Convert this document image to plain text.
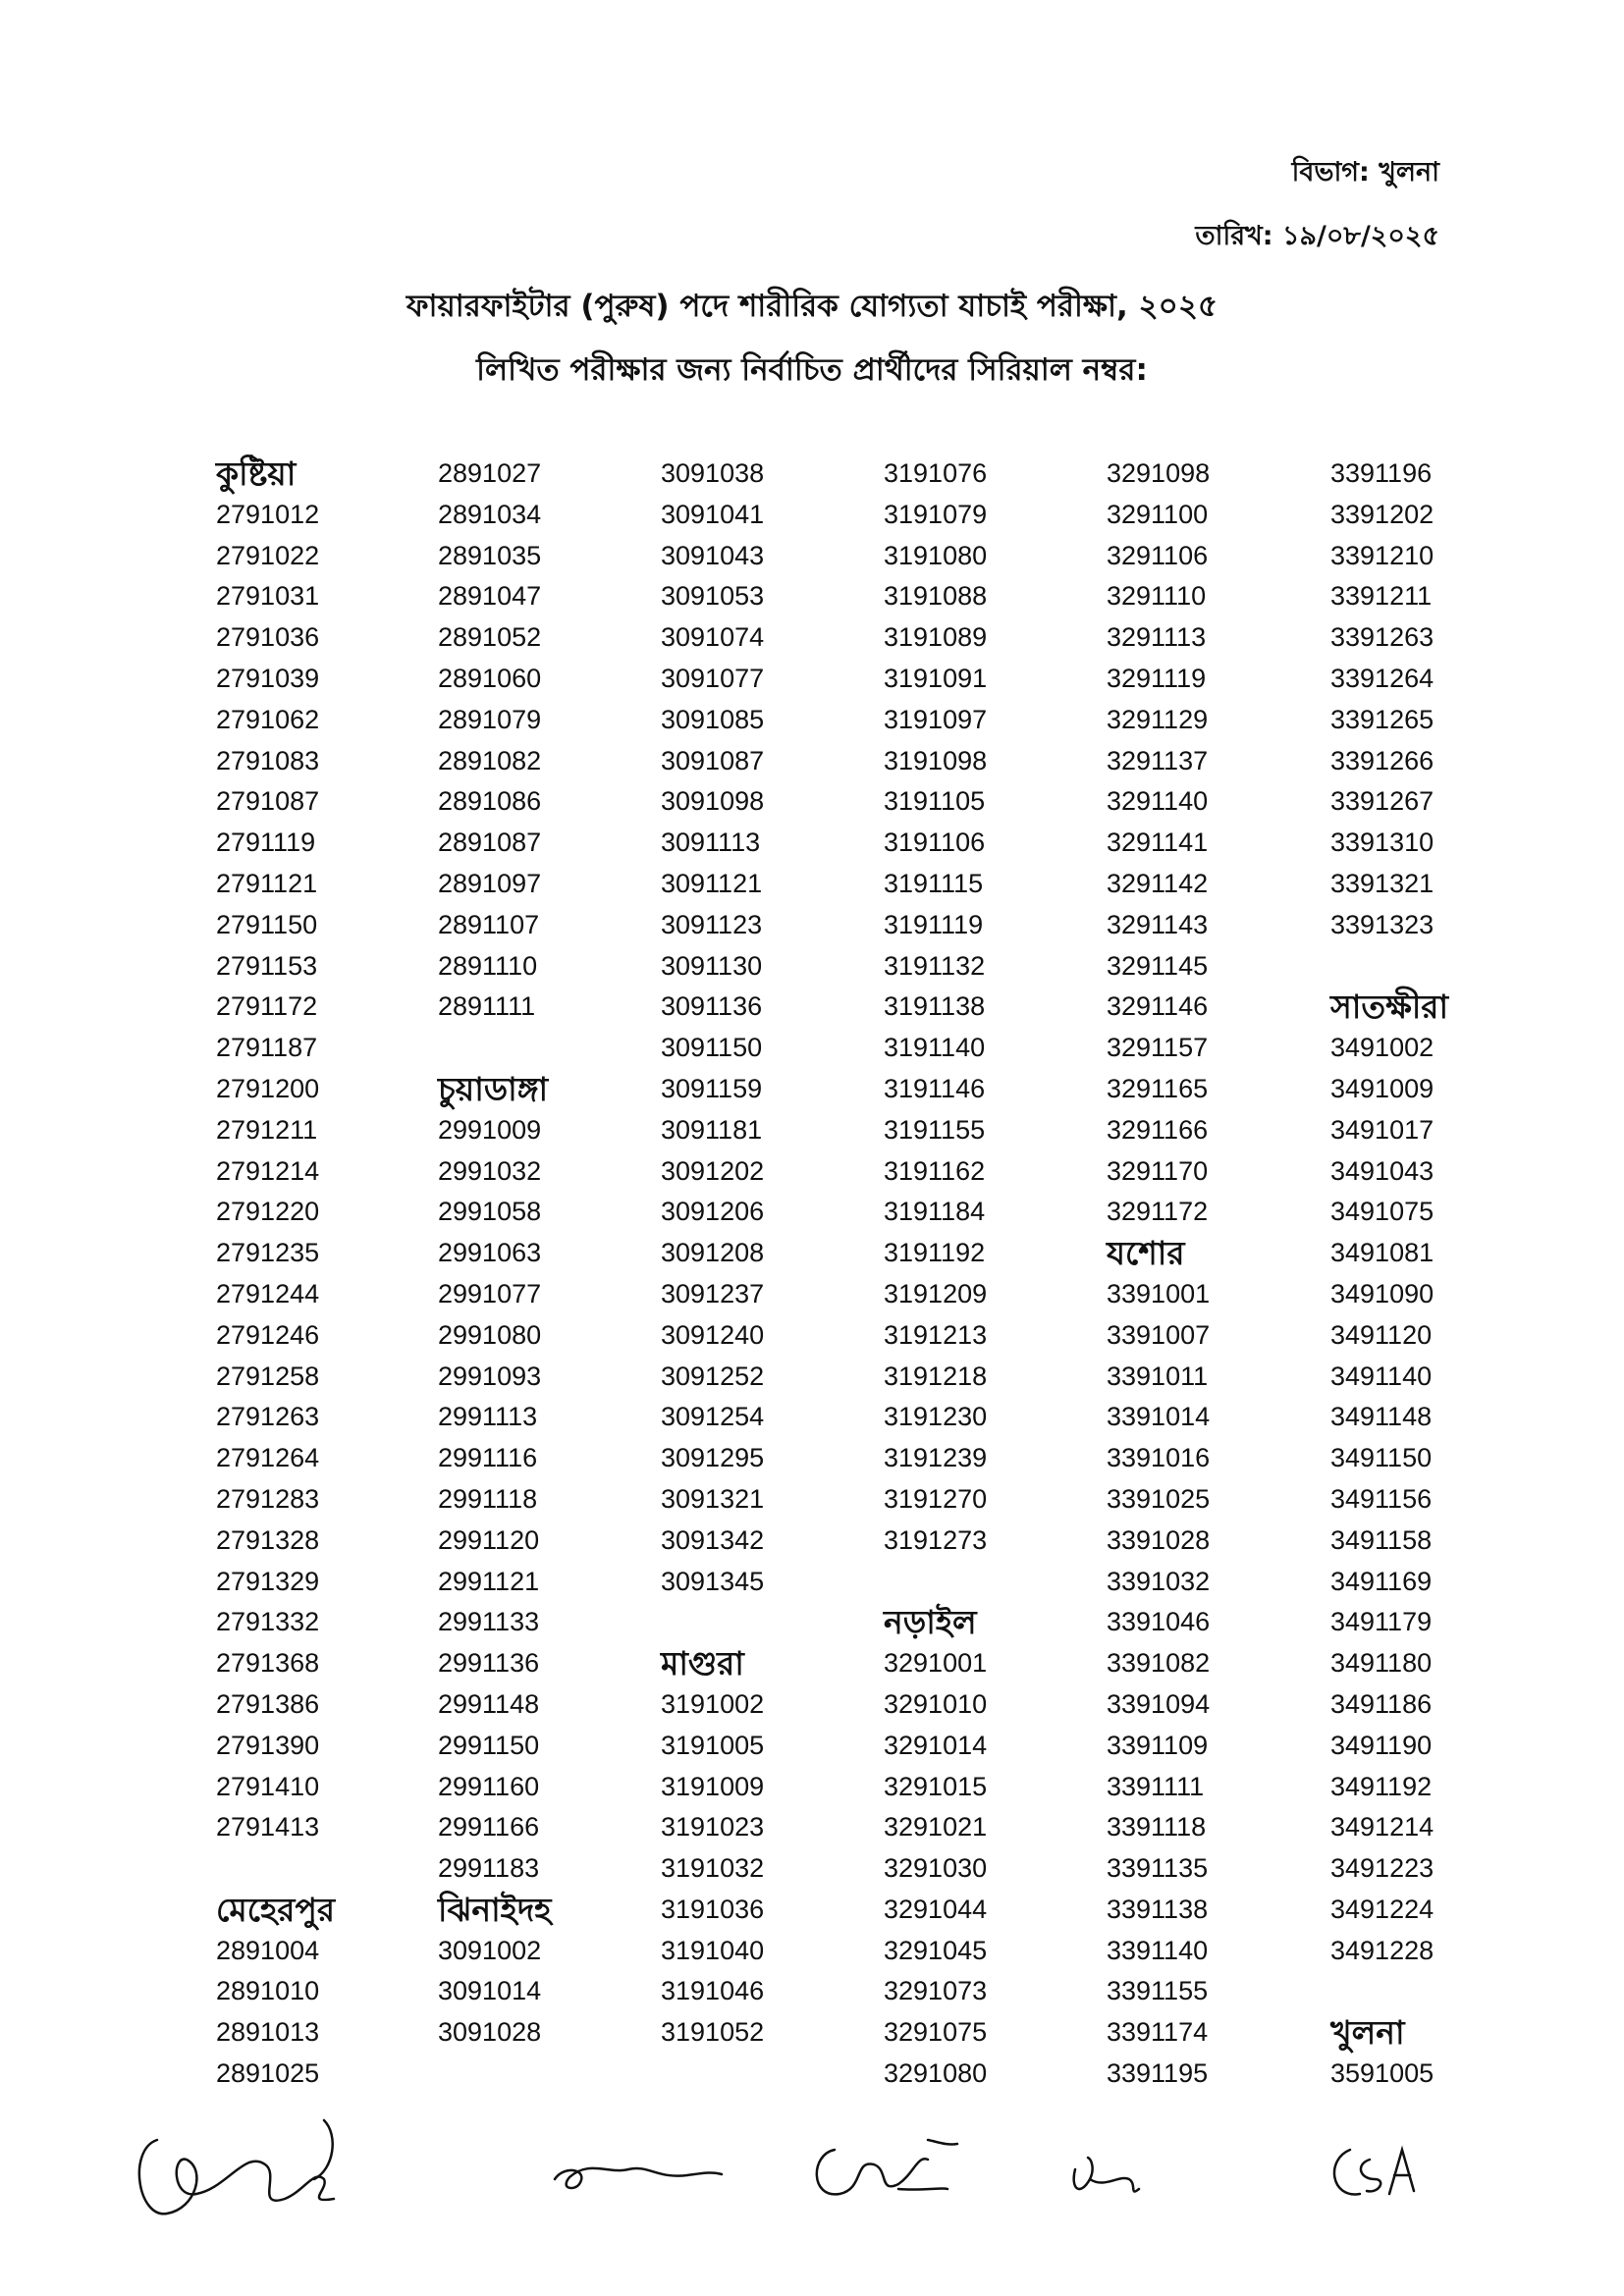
বিভাগ: খুলনা
তারিখ: ১৯/০৮/২০২৫
ফায়ারফাইটার (পুরুষ) পদে শারীরিক যোগ্যতা যাচাই পরীক্ষা, ২০২৫
লিখিত পরীক্ষার জন্য নির্বাচিত প্রার্থীদের সিরিয়াল নম্বর:
কুষ্টিয়া
2791012
2791022
2791031
2791036
2791039
2791062
2791083
2791087
2791119
2791121
2791150
2791153
2791172
2791187
2791200
2791211
2791214
2791220
2791235
2791244
2791246
2791258
2791263
2791264
2791283
2791328
2791329
2791332
2791368
2791386
2791390
2791410
2791413
মেহেরপুর
2891004
2891010
2891013
2891025
2891027
2891034
2891035
2891047
2891052
2891060
2891079
2891082
2891086
2891087
2891097
2891107
2891110
2891111
চুয়াডাঙ্গা
2991009
2991032
2991058
2991063
2991077
2991080
2991093
2991113
2991116
2991118
2991120
2991121
2991133
2991136
2991148
2991150
2991160
2991166
2991183
ঝিনাইদহ
3091002
3091014
3091028
3091038
3091041
3091043
3091053
3091074
3091077
3091085
3091087
3091098
3091113
3091121
3091123
3091130
3091136
3091150
3091159
3091181
3091202
3091206
3091208
3091237
3091240
3091252
3091254
3091295
3091321
3091342
3091345
মাগুরা
3191002
3191005
3191009
3191023
3191032
3191036
3191040
3191046
3191052
3191076
3191079
3191080
3191088
3191089
3191091
3191097
3191098
3191105
3191106
3191115
3191119
3191132
3191138
3191140
3191146
3191155
3191162
3191184
3191192
3191209
3191213
3191218
3191230
3191239
3191270
3191273
নড়াইল
3291001
3291010
3291014
3291015
3291021
3291030
3291044
3291045
3291073
3291075
3291080
3291098
3291100
3291106
3291110
3291113
3291119
3291129
3291137
3291140
3291141
3291142
3291143
3291145
3291146
3291157
3291165
3291166
3291170
3291172
যশোর
3391001
3391007
3391011
3391014
3391016
3391025
3391028
3391032
3391046
3391082
3391094
3391109
3391111
3391118
3391135
3391138
3391140
3391155
3391174
3391195
3391196
3391202
3391210
3391211
3391263
3391264
3391265
3391266
3391267
3391310
3391321
3391323
সাতক্ষীরা
3491002
3491009
3491017
3491043
3491075
3491081
3491090
3491120
3491140
3491148
3491150
3491156
3491158
3491169
3491179
3491180
3491186
3491190
3491192
3491214
3491223
3491224
3491228
খুলনা
3591005
